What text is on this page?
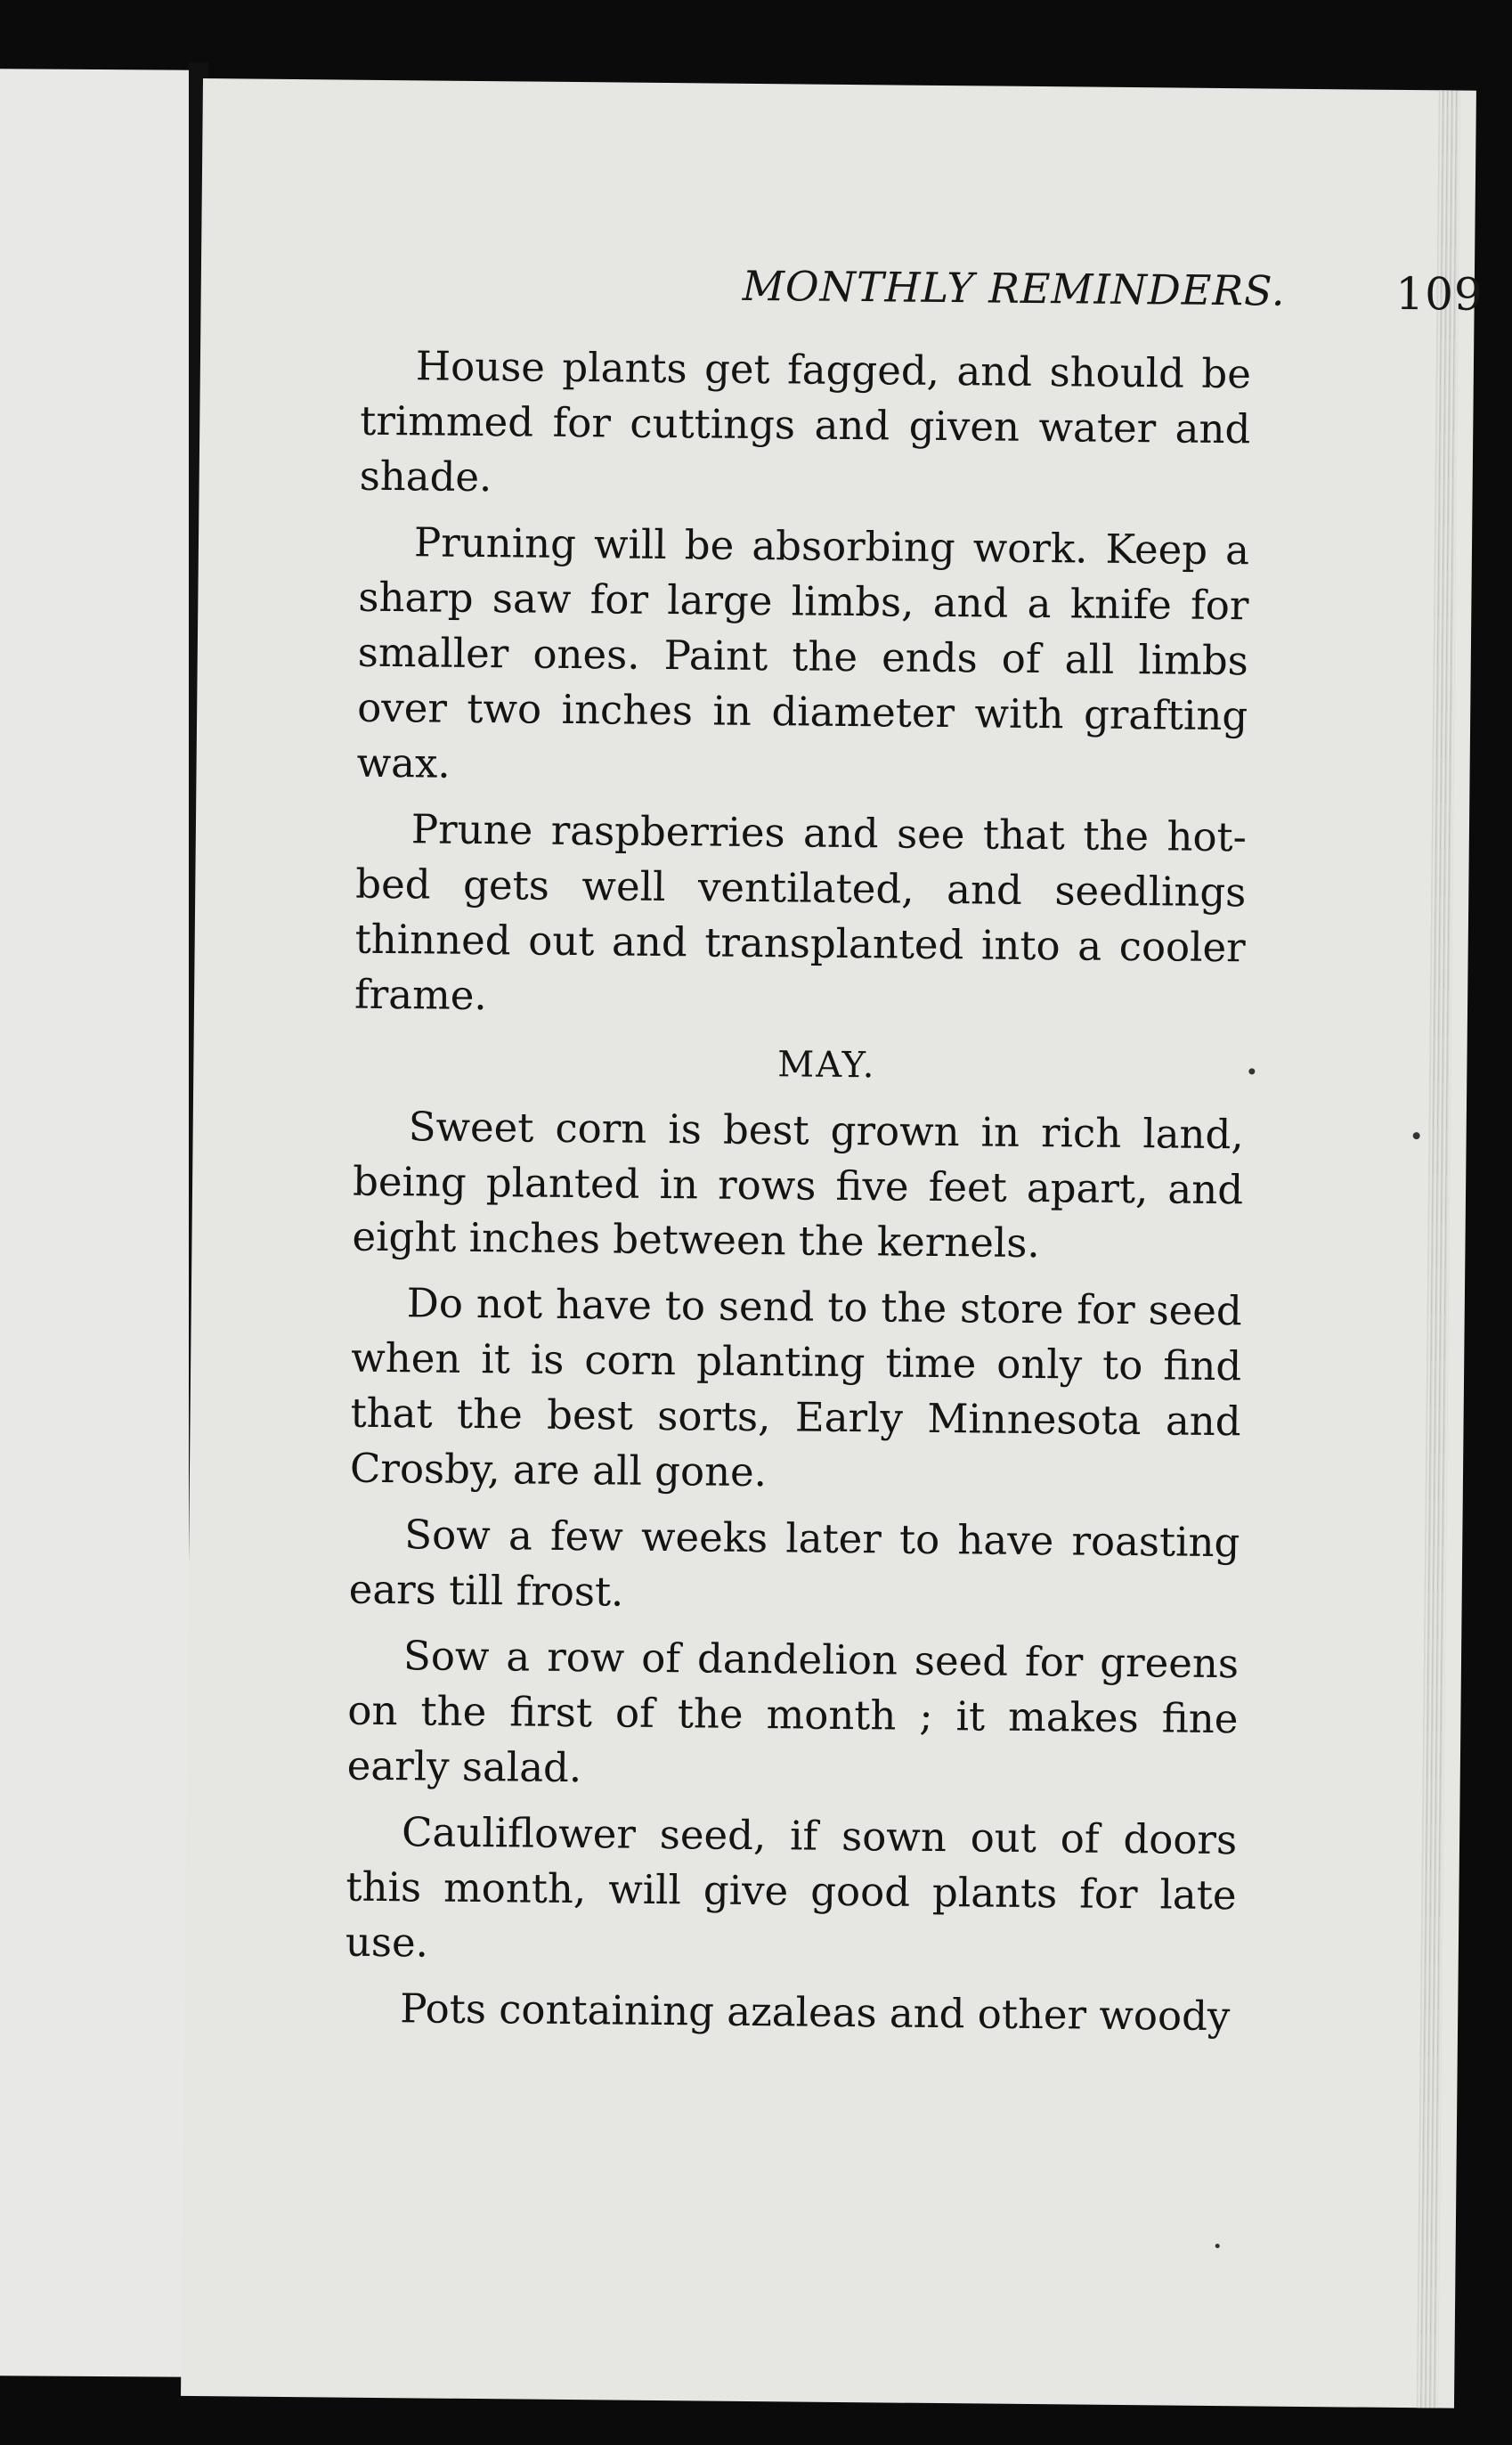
MONTHLY REMINDERS. 109

House plants get fagged, and should be trimmed for cuttings and given water and shade.

Pruning will be absorbing work. Keep a sharp saw for large limbs, and a knife for smaller ones. Paint the ends of all limbs over two inches in diameter with grafting wax.

Prune raspberries and see that the hot-bed gets well ventilated, and seedlings thinned out and transplanted into a cooler frame.

MAY.

Sweet corn is best grown in rich land, being planted in rows five feet apart, and eight inches between the kernels.

Do not have to send to the store for seed when it is corn planting time only to find that the best sorts, Early Minnesota and Crosby, are all gone.

Sow a few weeks later to have roasting ears till frost.

Sow a row of dandelion seed for greens on the first of the month ; it makes fine early salad.

Cauliflower seed, if sown out of doors this month, will give good plants for late use.

Pots containing azaleas and other woody
